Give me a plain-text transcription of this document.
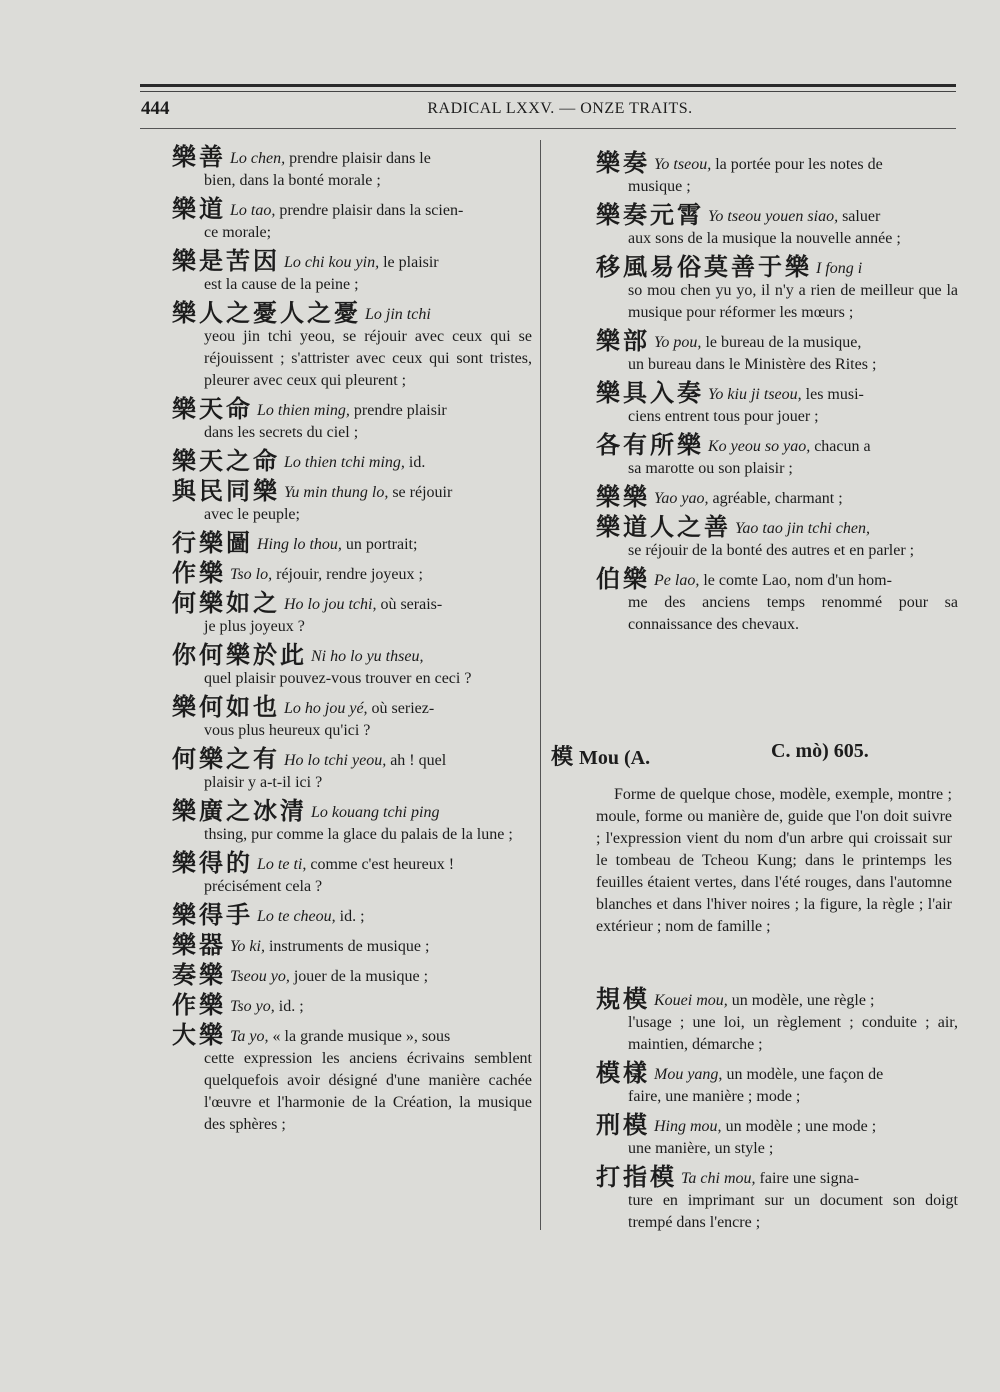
444	RADICAL LXXV. — ONZE TRAITS.
樂善 Lo chen, prendre plaisir dans le
bien, dans la bonté morale ;
樂道 Lo tao, prendre plaisir dans la scien-
ce morale;
樂是苦因 Lo chi kou yin, le plaisir
est la cause de la peine ;
樂人之憂人之憂 Lo jin tchi
yeou jin tchi yeou, se réjouir avec ceux qui se réjouissent ; s'attrister avec ceux qui sont tristes, pleurer avec ceux qui pleurent ;
樂天命 Lo thien ming, prendre plaisir
dans les secrets du ciel ;
樂天之命 Lo thien tchi ming, id.
與民同樂 Yu min thung lo, se réjouir
avec le peuple;
行樂圖 Hing lo thou, un portrait;
作樂 Tso lo, réjouir, rendre joyeux ;
何樂如之 Ho lo jou tchi, où serais-
je plus joyeux ?
你何樂於此 Ni ho lo yu thseu,
quel plaisir pouvez-vous trouver en ceci ?
樂何如也 Lo ho jou yé, où seriez-
vous plus heureux qu'ici ?
何樂之有 Ho lo tchi yeou, ah ! quel
plaisir y a-t-il ici ?
樂廣之冰清 Lo kouang tchi ping
thsing, pur comme la glace du palais de la lune ;
樂得的 Lo te ti, comme c'est heureux !
précisément cela ?
樂得手 Lo te cheou, id. ;
樂器 Yo ki, instruments de musique ;
奏樂 Tseou yo, jouer de la musique ;
作樂 Tso yo, id. ;
大樂 Ta yo, « la grande musique », sous
cette expression les anciens écrivains semblent quelquefois avoir désigné d'une manière cachée l'œuvre et l'harmonie de la Création, la musique des sphères ;
樂奏 Yo tseou, la portée pour les notes de
musique ;
樂奏元霄 Yo tseou youen siao, saluer
aux sons de la musique la nouvelle année ;
移風易俗莫善于樂 I fong i
so mou chen yu yo, il n'y a rien de meilleur que la musique pour réformer les mœurs ;
樂部 Yo pou, le bureau de la musique,
un bureau dans le Ministère des Rites ;
樂具入奏 Yo kiu ji tseou, les musi-
ciens entrent tous pour jouer ;
各有所樂 Ko yeou so yao, chacun a
sa marotte ou son plaisir ;
樂樂 Yao yao, agréable, charmant ;
樂道人之善 Yao tao jin tchi chen,
se réjouir de la bonté des autres et en parler ;
伯樂 Pe lao, le comte Lao, nom d'un hom-
me des anciens temps renommé pour sa connaissance des chevaux.
模 Mou (A.	C. mò) 605.
Forme de quelque chose, modèle, exemple, montre ; moule, forme ou manière de, guide que l'on doit suivre ; l'expression vient du nom d'un arbre qui croissait sur le tombeau de Tcheou Kung; dans le printemps les feuilles étaient vertes, dans l'été rouges, dans l'automne blanches et dans l'hiver noires ; la figure, la règle ; l'air extérieur ; nom de famille ;
規模 Kouei mou, un modèle, une règle ;
l'usage ; une loi, un règlement ; conduite ; air, maintien, démarche ;
模樣 Mou yang, un modèle, une façon de
faire, une manière ; mode ;
刑模 Hing mou, un modèle ; une mode ;
une manière, un style ;
打指模 Ta chi mou, faire une signa-
ture en imprimant sur un document son doigt trempé dans l'encre ;
